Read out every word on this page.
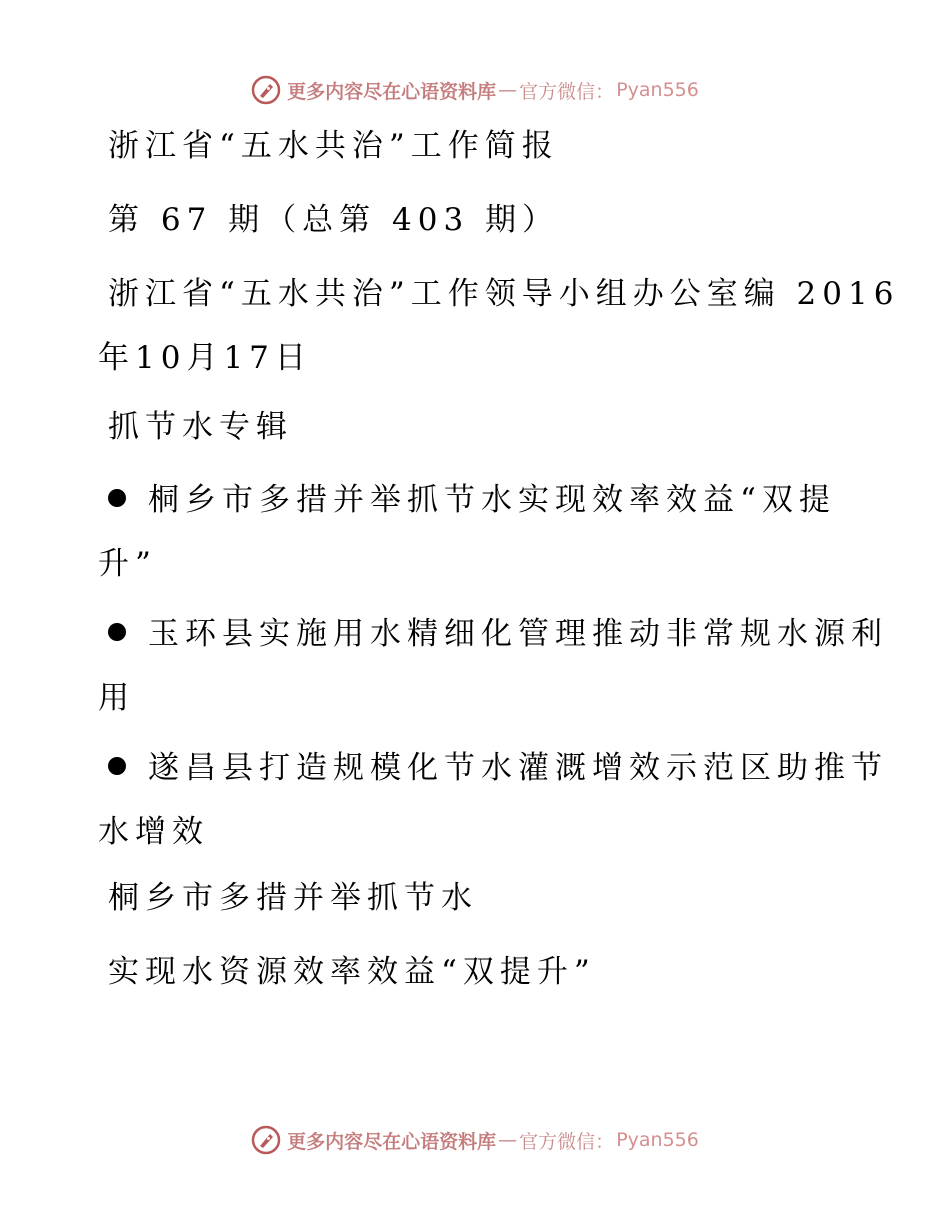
更多内容尽在心语资料库 — 官方微信： Pyan556
浙江省“五水共治”工作简报
第 67 期（总第 403 期）
浙江省“五水共治”工作领导小组办公室编 2016
年10月17日
抓节水专辑
桐乡市多措并举抓节水实现效率效益“双提
升”
玉环县实施用水精细化管理推动非常规水源利
用
遂昌县打造规模化节水灌溉增效示范区助推节
水增效
桐乡市多措并举抓节水
实现水资源效率效益“双提升”
更多内容尽在心语资料库 — 官方微信： Pyan556
